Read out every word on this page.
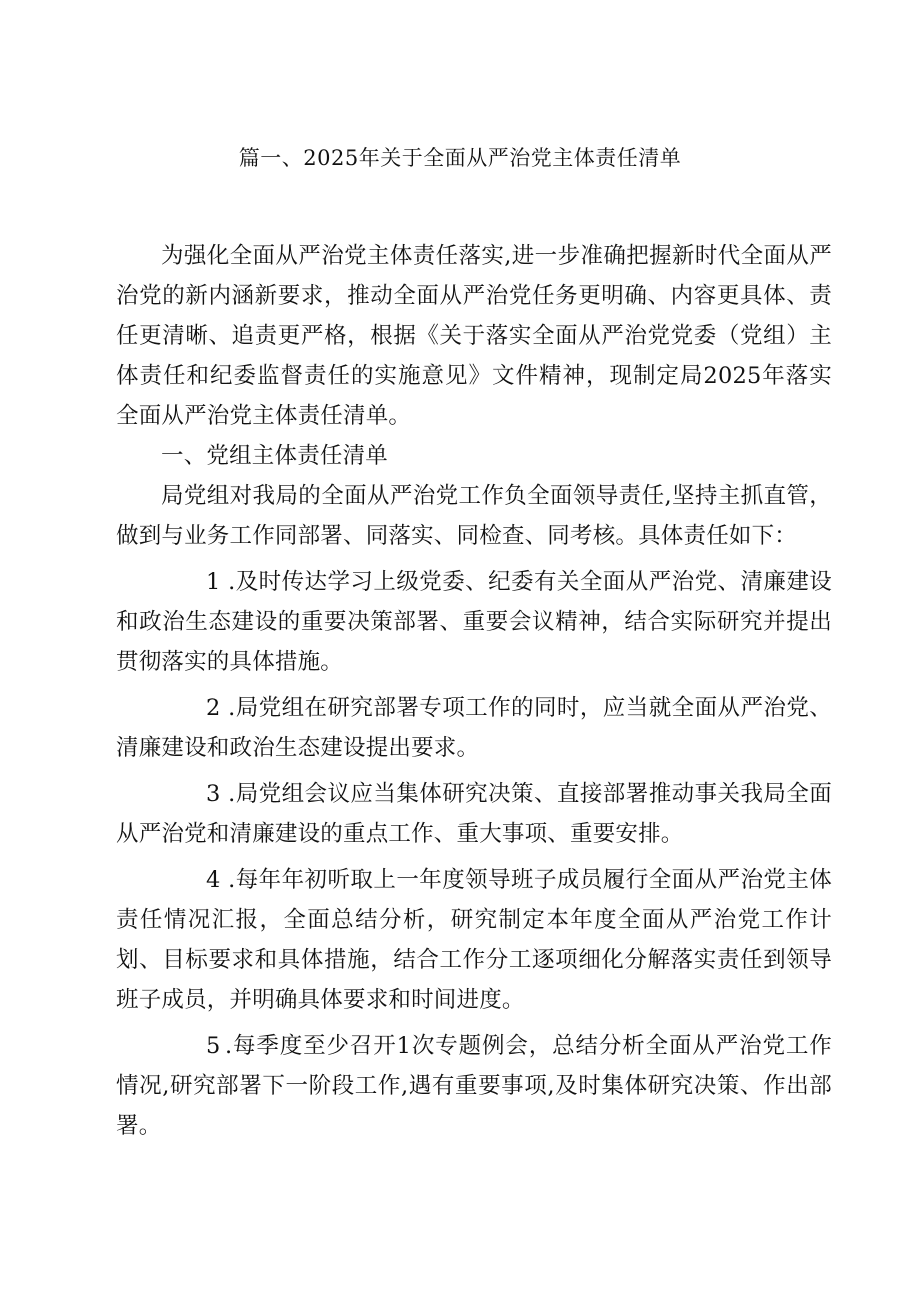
篇一、2025年关于全面从严治党主体责任清单

为强化全面从严治党主体责任落实,进一步准确把握新时代全面从严治党的新内涵新要求，推动全面从严治党任务更明确、内容更具体、责任更清晰、追责更严格，根据《关于落实全面从严治党党委（党组）主体责任和纪委监督责任的实施意见》文件精神，现制定局2025年落实全面从严治党主体责任清单。

一、党组主体责任清单

局党组对我局的全面从严治党工作负全面领导责任,坚持主抓直管，做到与业务工作同部署、同落实、同检查、同考核。具体责任如下：

1 .及时传达学习上级党委、纪委有关全面从严治党、清廉建设和政治生态建设的重要决策部署、重要会议精神，结合实际研究并提出贯彻落实的具体措施。

2 .局党组在研究部署专项工作的同时，应当就全面从严治党、清廉建设和政治生态建设提出要求。

3 .局党组会议应当集体研究决策、直接部署推动事关我局全面从严治党和清廉建设的重点工作、重大事项、重要安排。

4 .每年年初听取上一年度领导班子成员履行全面从严治党主体责任情况汇报，全面总结分析，研究制定本年度全面从严治党工作计划、目标要求和具体措施，结合工作分工逐项细化分解落实责任到领导班子成员，并明确具体要求和时间进度。

5 .每季度至少召开1次专题例会，总结分析全面从严治党工作情况,研究部署下一阶段工作,遇有重要事项,及时集体研究决策、作出部署。
